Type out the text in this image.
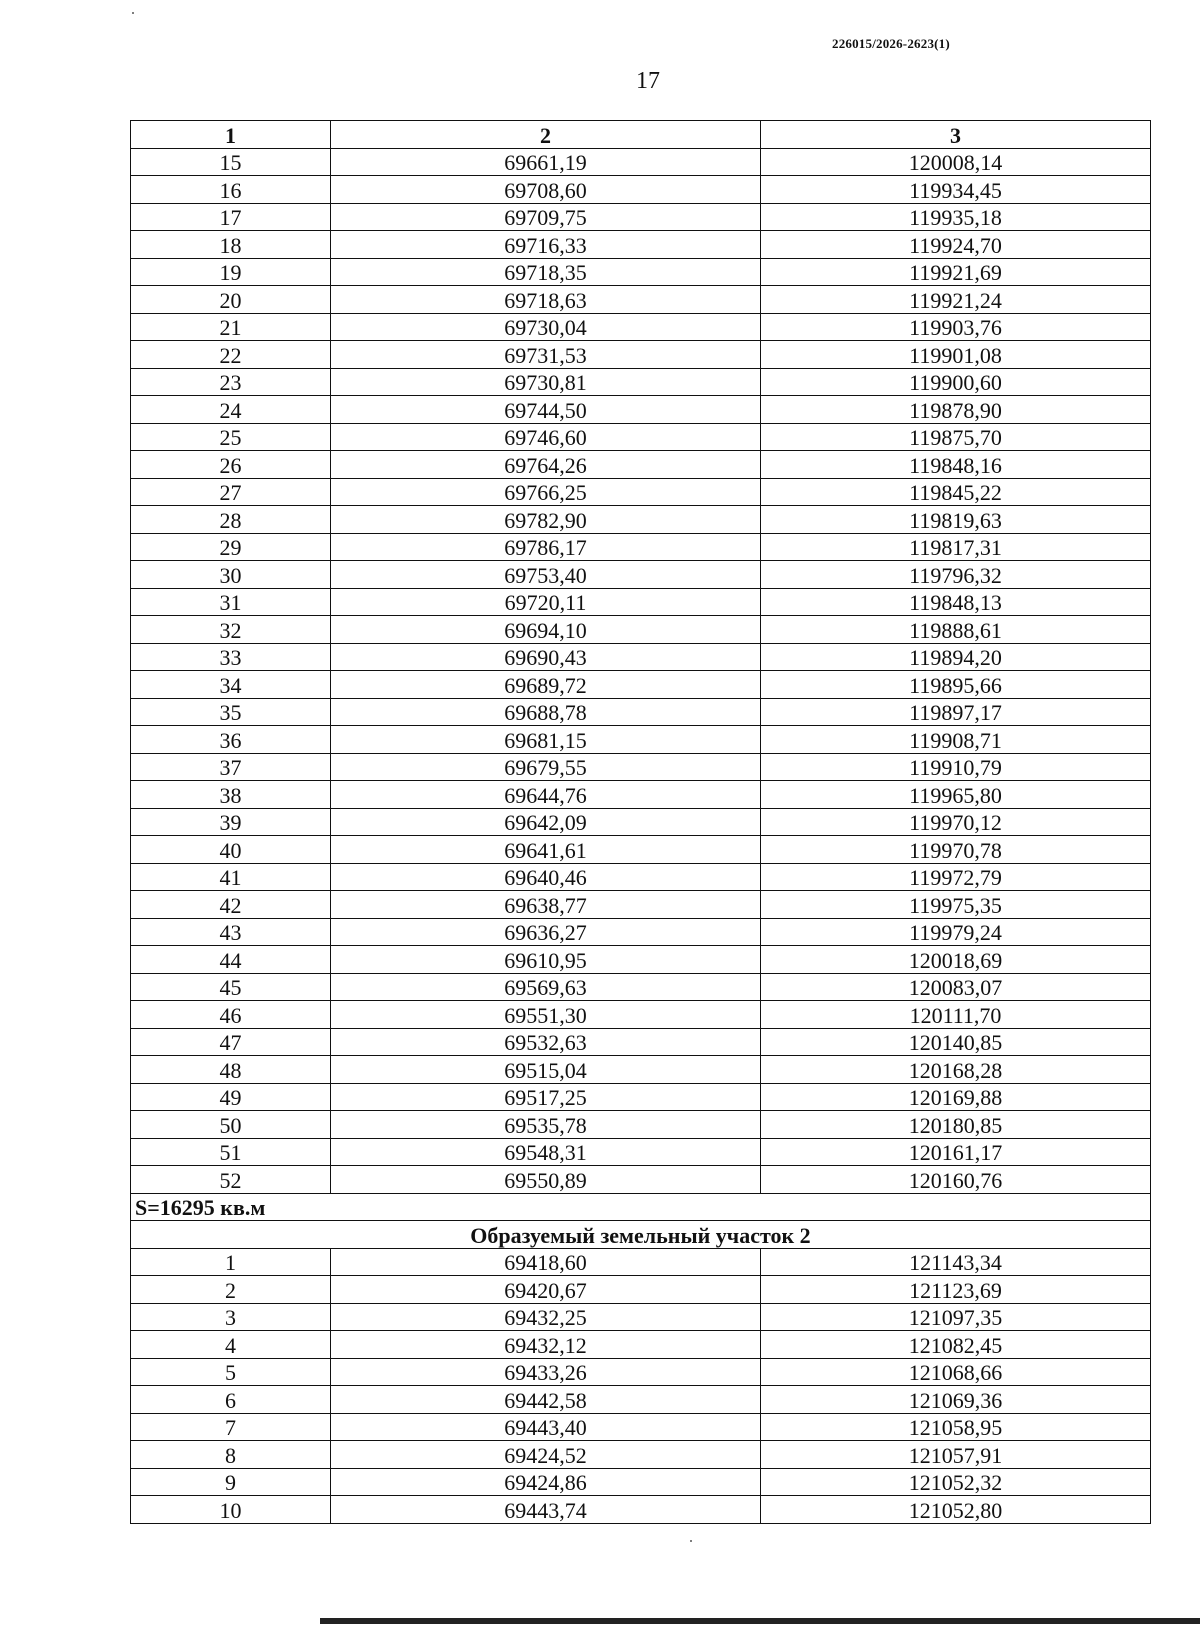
226015/2026-2623(1)
17
1	2	3
15	69661,19	120008,14
16	69708,60	119934,45
17	69709,75	119935,18
18	69716,33	119924,70
19	69718,35	119921,69
20	69718,63	119921,24
21	69730,04	119903,76
22	69731,53	119901,08
23	69730,81	119900,60
24	69744,50	119878,90
25	69746,60	119875,70
26	69764,26	119848,16
27	69766,25	119845,22
28	69782,90	119819,63
29	69786,17	119817,31
30	69753,40	119796,32
31	69720,11	119848,13
32	69694,10	119888,61
33	69690,43	119894,20
34	69689,72	119895,66
35	69688,78	119897,17
36	69681,15	119908,71
37	69679,55	119910,79
38	69644,76	119965,80
39	69642,09	119970,12
40	69641,61	119970,78
41	69640,46	119972,79
42	69638,77	119975,35
43	69636,27	119979,24
44	69610,95	120018,69
45	69569,63	120083,07
46	69551,30	120111,70
47	69532,63	120140,85
48	69515,04	120168,28
49	69517,25	120169,88
50	69535,78	120180,85
51	69548,31	120161,17
52	69550,89	120160,76
S=16295 кв.м		
Образуемый земельный участок 2		
1	69418,60	121143,34
2	69420,67	121123,69
3	69432,25	121097,35
4	69432,12	121082,45
5	69433,26	121068,66
6	69442,58	121069,36
7	69443,40	121058,95
8	69424,52	121057,91
9	69424,86	121052,32
10	69443,74	121052,80
